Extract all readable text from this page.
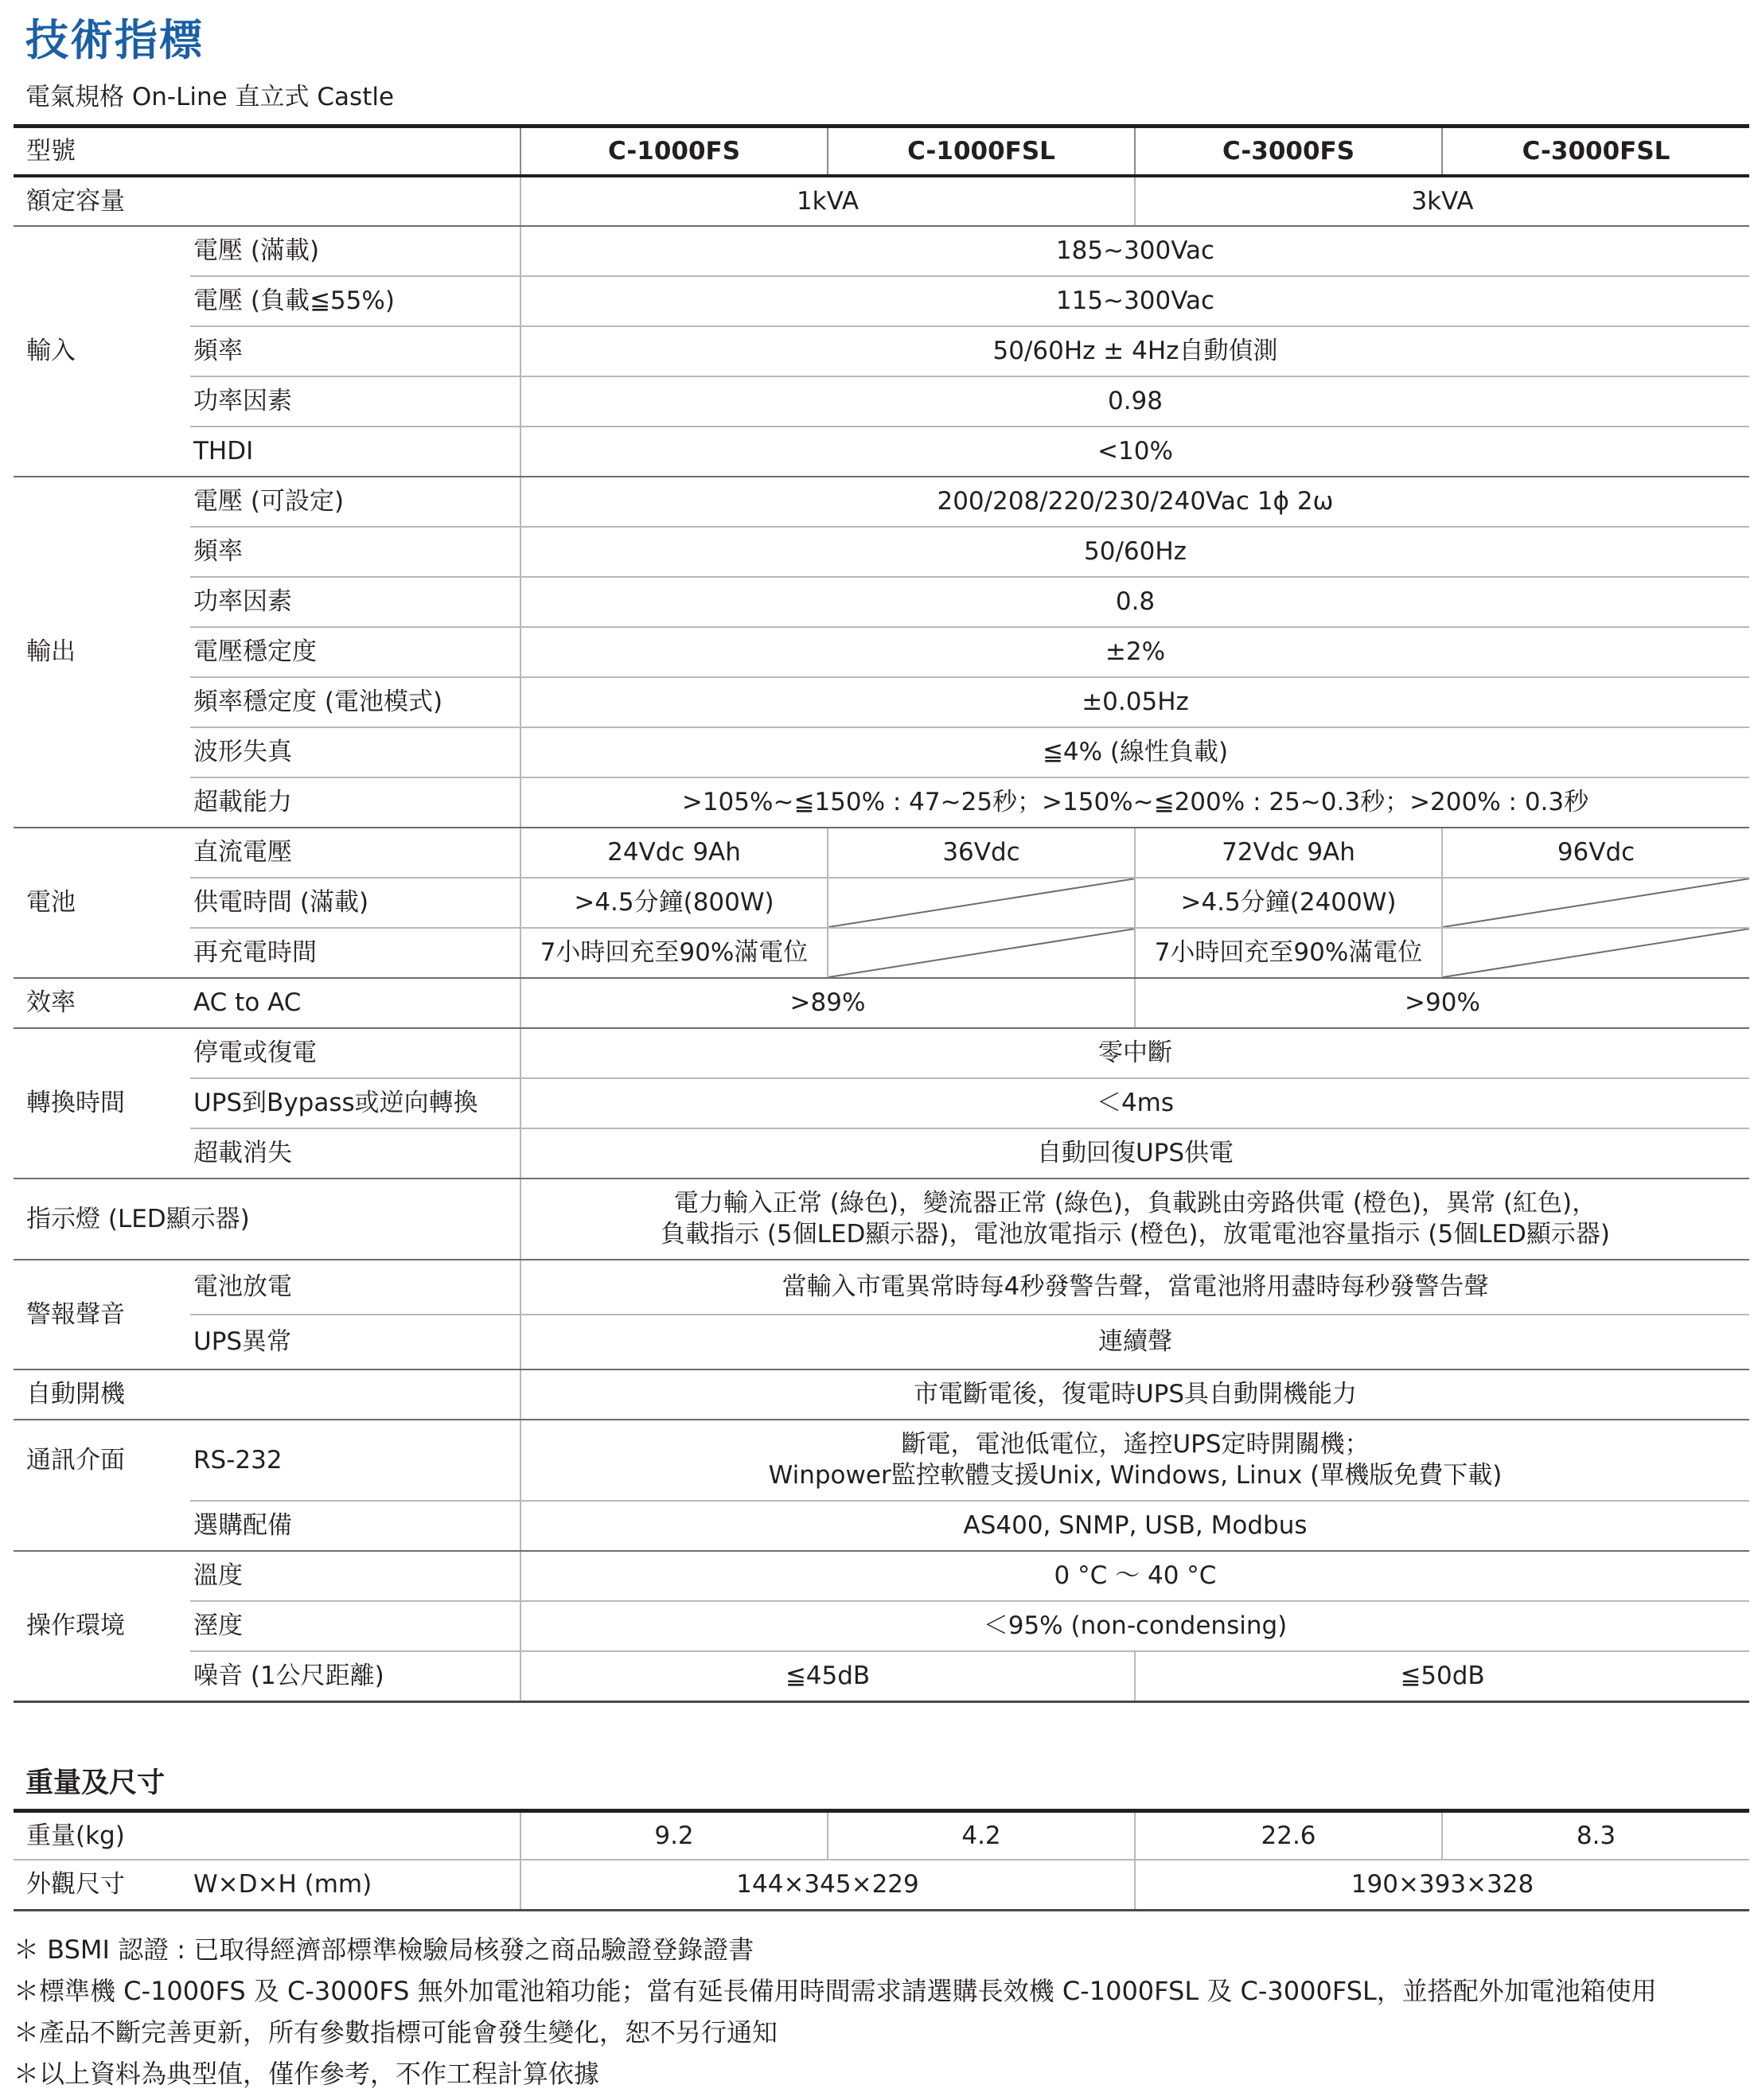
技術指標
電氣規格 On-Line 直立式 Castle
型號		C-1000FS	C-1000FSL	C-3000FS	C-3000FSL
額定容量		1kVA		3kVA	
輸入	電壓 (滿載)	185~300Vac			
	電壓 (負載≦55%)	115~300Vac			
	頻率	50/60Hz ± 4Hz自動偵測			
	功率因素	0.98			
	THDI	<10%			
輸出	電壓 (可設定)	200/208/220/230/240Vac 1ϕ 2ω			
	頻率	50/60Hz			
	功率因素	0.8			
	電壓穩定度	±2%			
	頻率穩定度 (電池模式)	±0.05Hz			
	波形失真	≦4% (線性負載)			
	超載能力	>105%~≦150% : 47~25秒；>150%~≦200% : 25~0.3秒；>200% : 0.3秒			
電池	直流電壓	24Vdc 9Ah	36Vdc	72Vdc 9Ah	96Vdc
	供電時間 (滿載)	>4.5分鐘(800W)		>4.5分鐘(2400W)	

	再充電時間	7小時回充至90%滿電位		7小時回充至90%滿電位	

效率	AC to AC	>89%		>90%	
轉換時間	停電或復電	零中斷			
	UPS到Bypass或逆向轉換	＜4ms			
	超載消失	自動回復UPS供電			
指示燈 (LED顯示器)		電力輸入正常 (綠色)，變流器正常 (綠色)，負載跳由旁路供電 (橙色)，異常 (紅色)，
負載指示 (5個LED顯示器)，電池放電指示 (橙色)，放電電池容量指示 (5個LED顯示器)			

警報聲音	電池放電	當輸入市電異常時每4秒發警告聲，當電池將用盡時每秒發警告聲			
	UPS異常	連續聲			
自動開機		市電斷電後，復電時UPS具自動開機能力			
通訊介面	RS-232	斷電，電池低電位，遙控UPS定時開關機；
Winpower監控軟體支援Unix, Windows, Linux (單機版免費下載)			

	選購配備	AS400, SNMP, USB, Modbus			
操作環境	溫度	0 °C ～ 40 °C			
	溼度	＜95% (non-condensing)			
	噪音 (1公尺距離)	≦45dB		≦50dB	
重量及尺寸
重量(kg)		9.2	4.2	22.6	8.3
外觀尺寸	W×D×H (mm)	144×345×229		190×393×328	
＊ BSMI 認證 : 已取得經濟部標準檢驗局核發之商品驗證登錄證書
＊標準機 C-1000FS 及 C-3000FS 無外加電池箱功能；當有延長備用時間需求請選購長效機 C-1000FSL 及 C-3000FSL，並搭配外加電池箱使用
＊產品不斷完善更新，所有參數指標可能會發生變化，恕不另行通知
＊以上資料為典型值，僅作參考，不作工程計算依據
